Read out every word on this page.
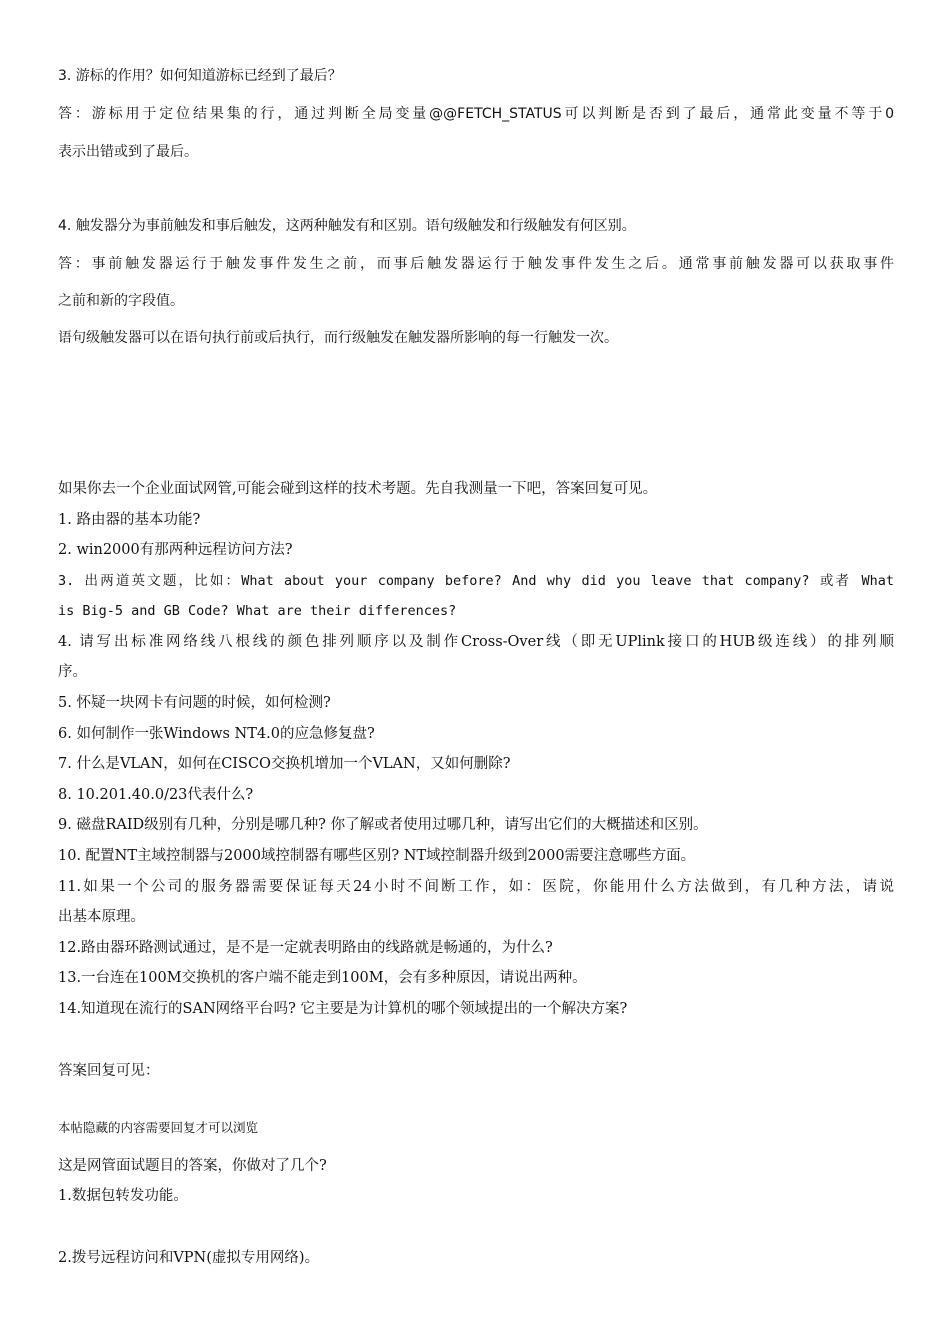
3. 游标的作用？如何知道游标已经到了最后？
答：游标用于定位结果集的行，通过判断全局变量@@FETCH_STATUS可以判断是否到了最后，通常此变量不等于0
表示出错或到了最后。
4. 触发器分为事前触发和事后触发，这两种触发有和区别。语句级触发和行级触发有何区别。
答：事前触发器运行于触发事件发生之前，而事后触发器运行于触发事件发生之后。通常事前触发器可以获取事件
之前和新的字段值。
语句级触发器可以在语句执行前或后执行，而行级触发在触发器所影响的每一行触发一次。
如果你去一个企业面试网管,可能会碰到这样的技术考题。先自我测量一下吧，答案回复可见。
1. 路由器的基本功能?
2. win2000有那两种远程访问方法?
3. 出两道英文题，比如：What about your company before? And why did you leave that company? 或者 What
is Big-5 and GB Code? What are their differences?
4. 请写出标准网络线八根线的颜色排列顺序以及制作Cross-Over线（即无UPlink接口的HUB级连线）的排列顺
序。
5. 怀疑一块网卡有问题的时候，如何检测?
6. 如何制作一张Windows NT4.0的应急修复盘?
7. 什么是VLAN，如何在CISCO交换机增加一个VLAN，又如何删除?
8. 10.201.40.0/23代表什么?
9. 磁盘RAID级别有几种，分别是哪几种? 你了解或者使用过哪几种，请写出它们的大概描述和区别。
10. 配置NT主域控制器与2000域控制器有哪些区别? NT域控制器升级到2000需要注意哪些方面。
11.如果一个公司的服务器需要保证每天24小时不间断工作，如：医院，你能用什么方法做到，有几种方法，请说
出基本原理。
12.路由器环路测试通过，是不是一定就表明路由的线路就是畅通的，为什么?
13.一台连在100M交换机的客户端不能走到100M，会有多种原因，请说出两种。
14.知道现在流行的SAN网络平台吗? 它主要是为计算机的哪个领域提出的一个解决方案?
答案回复可见：
本帖隐藏的内容需要回复才可以浏览
这是网管面试题目的答案，你做对了几个?
1.数据包转发功能。
2.拨号远程访问和VPN(虚拟专用网络)。
